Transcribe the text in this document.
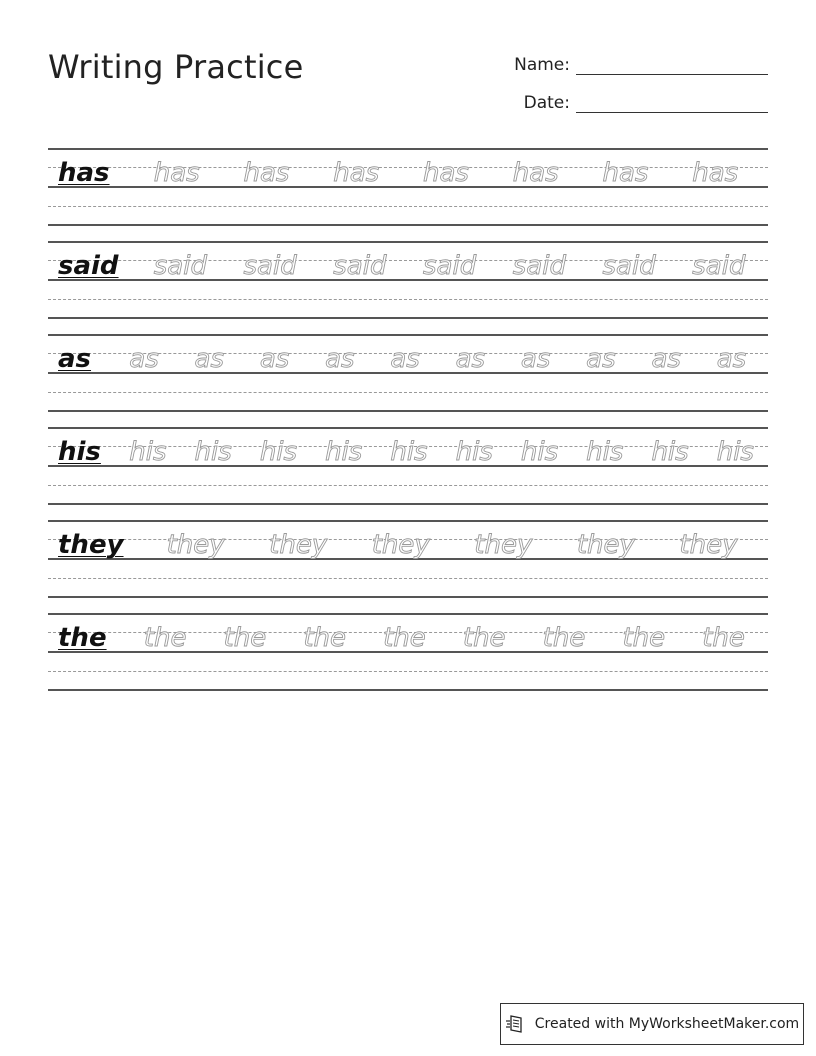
Writing Practice	Name:
Date:
has has has has has has has has
said said said said said said said said
as as as as as as as as as as as
his his his his his his his his his his his
they they they they they they they
the the the the the the the the the
Created with MyWorksheetMaker.com
